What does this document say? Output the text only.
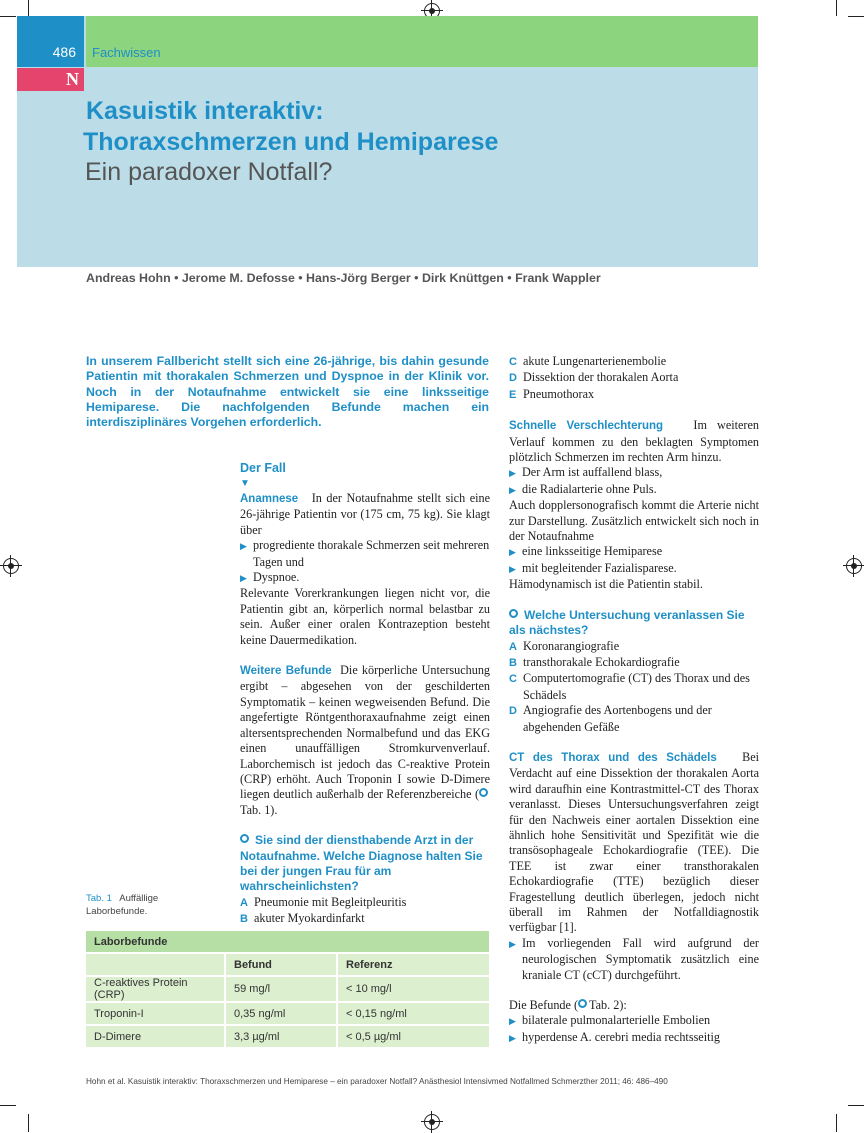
486 Fachwissen
N
Kasuistik interaktiv:
Thoraxschmerzen und Hemiparese
Ein paradoxer Notfall?
Andreas Hohn • Jerome M. Defosse • Hans-Jörg Berger • Dirk Knüttgen • Frank Wappler
In unserem Fallbericht stellt sich eine 26-jährige, bis dahin gesunde Patientin mit thorakalen Schmerzen und Dyspnoe in der Klinik vor. Noch in der Notaufnahme entwickelt sie eine linksseitige Hemiparese. Die nachfolgenden Befunde machen ein interdisziplinäres Vorgehen erforderlich.
Der Fall
▼

Anamnese In der Notaufnahme stellt sich eine 26-jährige Patientin vor (175 cm, 75 kg). Sie klagt über

▶ progrediente thorakale Schmerzen seit mehreren Tagen und

▶ Dyspnoe.

Relevante Vorerkrankungen liegen nicht vor, die Patientin gibt an, körperlich normal belastbar zu sein. Außer einer oralen Kontrazeption besteht keine Dauermedikation.

Weitere Befunde Die körperliche Untersuchung ergibt – abgesehen von der geschilderten Symptomatik – keinen wegweisenden Befund. Die angefertigte Röntgenthoraxaufnahme zeigt einen altersentsprechenden Normalbefund und das EKG einen unauffälligen Stromkurvenverlauf. Laborchemisch ist jedoch das C-reaktive Protein (CRP) erhöht. Auch Troponin I sowie D-Dimere liegen deutlich außerhalb der Referenzbereiche (Tab. 1).

Sie sind der diensthabende Arzt in der Notaufnahme. Welche Diagnose halten Sie bei der jungen Frau für am wahrscheinlichsten?

A Pneumonie mit Begleitpleuritis

B akuter Myokardinfarkt

C akute Lungenarterienembolie

D Dissektion der thorakalen Aorta

E Pneumothorax

Schnelle Verschlechterung Im weiteren Verlauf kommen zu den beklagten Symptomen plötzlich Schmerzen im rechten Arm hinzu.

▶ Der Arm ist auffallend blass,

▶ die Radialarterie ohne Puls.

Auch dopplersonografisch kommt die Arterie nicht zur Darstellung. Zusätzlich entwickelt sich noch in der Notaufnahme

▶ eine linksseitige Hemiparese

▶ mit begleitender Fazialisparese.

Hämodynamisch ist die Patientin stabil.

Welche Untersuchung veranlassen Sie als nächstes?

A Koronarangiografie

B transthorakale Echokardiografie

C Computertomografie (CT) des Thorax und des Schädels

D Angiografie des Aortenbogens und der abgehenden Gefäße

CT des Thorax und des Schädels Bei Verdacht auf eine Dissektion der thorakalen Aorta wird daraufhin eine Kontrastmittel-CT des Thorax veranlasst. Dieses Untersuchungsverfahren zeigt für den Nachweis einer aortalen Dissektion eine ähnlich hohe Sensitivität und Spezifität wie die transösophageale Echokardiografie (TEE). Die TEE ist zwar einer transthorakalen Echokardiografie (TTE) bezüglich dieser Fragestellung deutlich überlegen, jedoch nicht überall im Rahmen der Notfalldiagnostik verfügbar [1].

▶ Im vorliegenden Fall wird aufgrund der neurologischen Symptomatik zusätzlich eine kraniale CT (cCT) durchgeführt.

Die Befunde ( Tab. 2):

▶ bilaterale pulmonalarterielle Embolien

▶ hyperdense A. cerebri media rechtsseitig

Tab. 1 Auffällige Laborbefunde.
Laborbefunde		
	Befund	Referenz
C-reaktives Protein (CRP)	59 mg/l	< 10 mg/l
Troponin-I	0,35 ng/ml	< 0,15 ng/ml
D-Dimere	3,3 µg/ml	< 0,5 µg/ml
Hohn et al. Kasuistik interaktiv: Thoraxschmerzen und Hemiparese – ein paradoxer Notfall? Anästhesiol Intensivmed Notfallmed Schmerzther 2011; 46: 486–490
